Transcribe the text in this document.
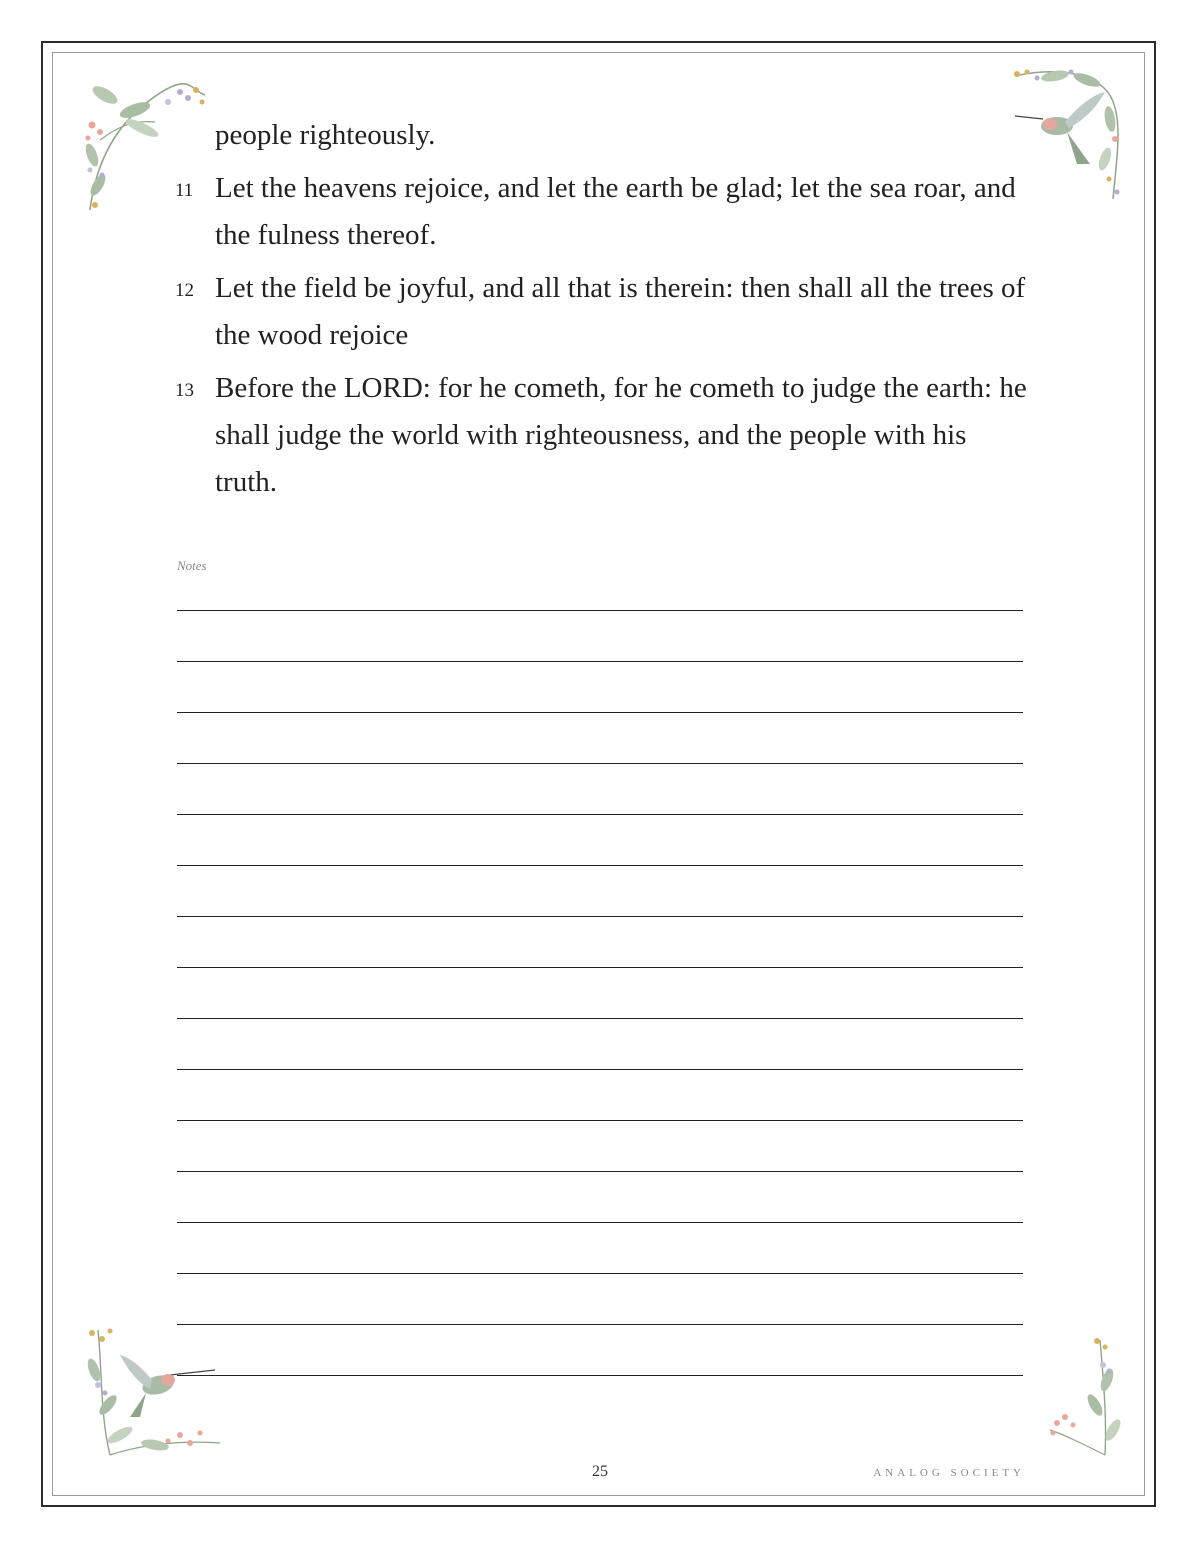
people righteously.
11 Let the heavens rejoice, and let the earth be glad; let the sea roar, and the fulness thereof.
12 Let the field be joyful, and all that is therein: then shall all the trees of the wood rejoice
13 Before the LORD: for he cometh, for he cometh to judge the earth: he shall judge the world with righteousness, and the people with his truth.
Notes
25	ANALOG SOCIETY
